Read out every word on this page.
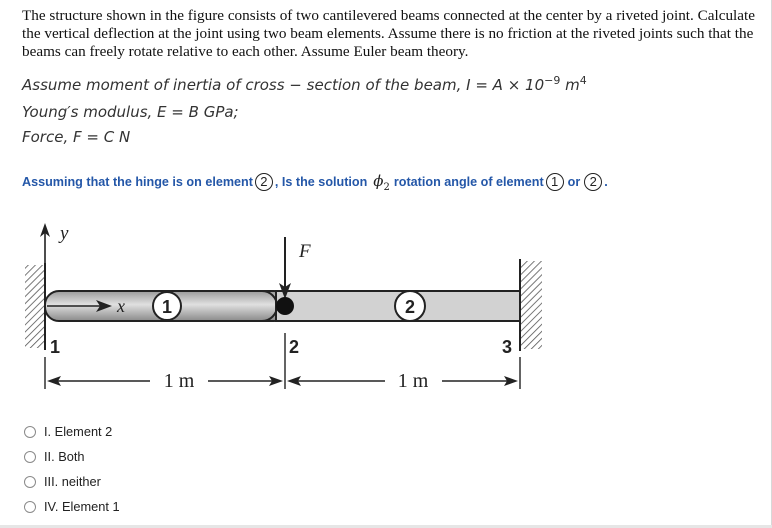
The structure shown in the figure consists of two cantilevered beams connected at the center by a riveted joint. Calculate the vertical deflection at the joint using two beam elements. Assume there is no friction at the riveted joints such that the beams can freely rotate relative to each other. Assume Euler beam theory.
Assume moment of inertia of cross − section of the beam, $I = A \times 10^{-9}$ $m^4$
Young′s modulus, E = B GPa;
Force, F = C N
Assuming that the hinge is on element 2 , Is the solution $\phi_2$ rotation angle of element 1 or 2 .
y
x 1	2
F
1	2	3
1 m	1 m
I. Element 2
II. Both
III. neither
IV. Element 1
